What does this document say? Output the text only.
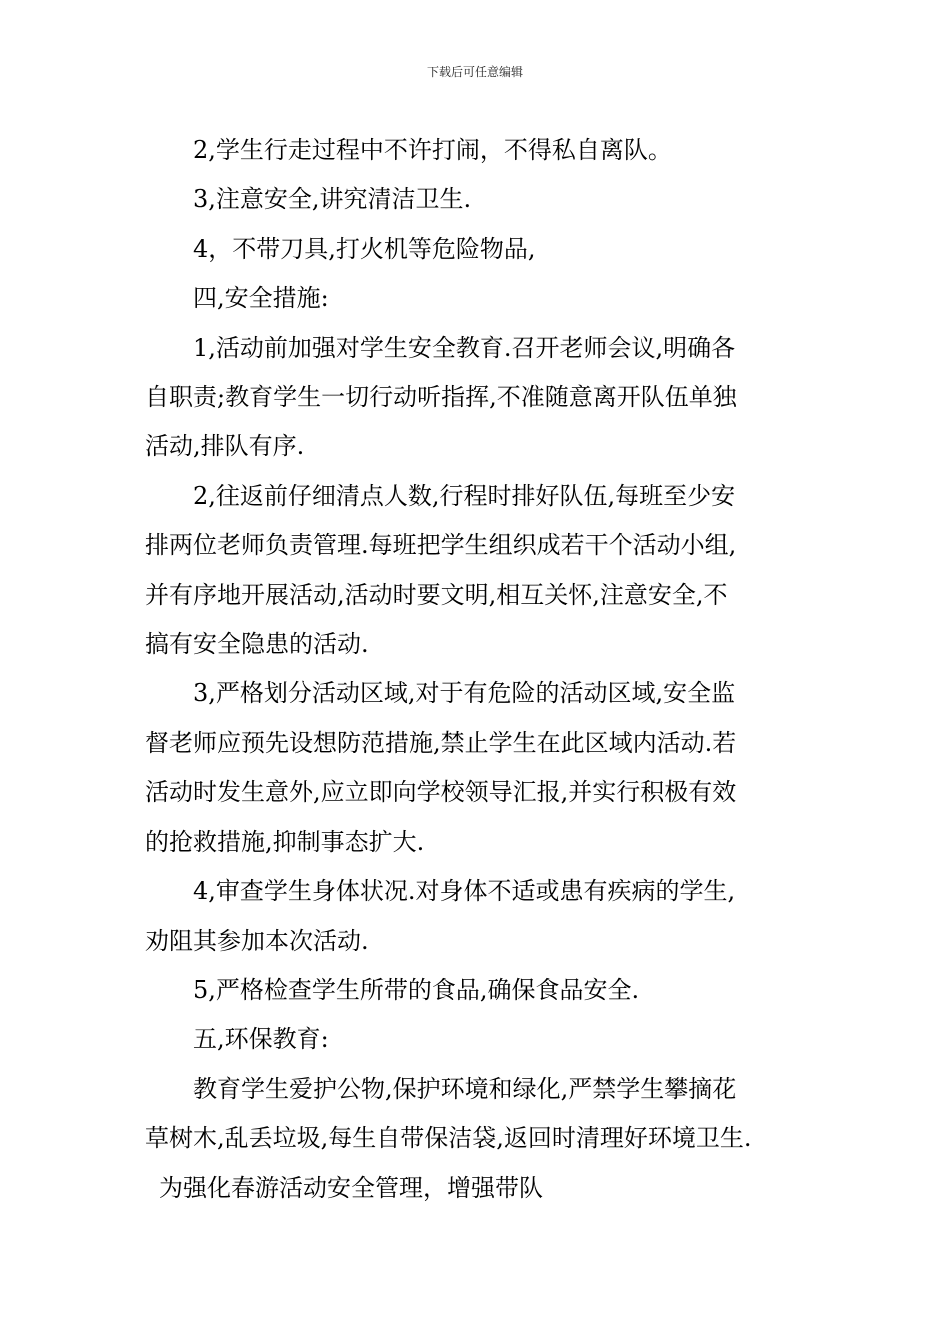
下载后可任意编辑

2,学生行走过程中不许打闹，不得私自离队。

3,注意安全,讲究清洁卫生.

4，不带刀具,打火机等危险物品,

四,安全措施:

1,活动前加强对学生安全教育.召开老师会议,明确各
自职责;教育学生一切行动听指挥,不准随意离开队伍单独
活动,排队有序.

2,往返前仔细清点人数,行程时排好队伍,每班至少安
排两位老师负责管理.每班把学生组织成若干个活动小组,
并有序地开展活动,活动时要文明,相互关怀,注意安全,不
搞有安全隐患的活动.

3,严格划分活动区域,对于有危险的活动区域,安全监
督老师应预先设想防范措施,禁止学生在此区域内活动.若
活动时发生意外,应立即向学校领导汇报,并实行积极有效
的抢救措施,抑制事态扩大.

4,审查学生身体状况.对身体不适或患有疾病的学生,
劝阻其参加本次活动.

5,严格检查学生所带的食品,确保食品安全.

五,环保教育:

教育学生爱护公物,保护环境和绿化,严禁学生攀摘花
草树木,乱丢垃圾,每生自带保洁袋,返回时清理好环境卫生.

为强化春游活动安全管理，增强带队
